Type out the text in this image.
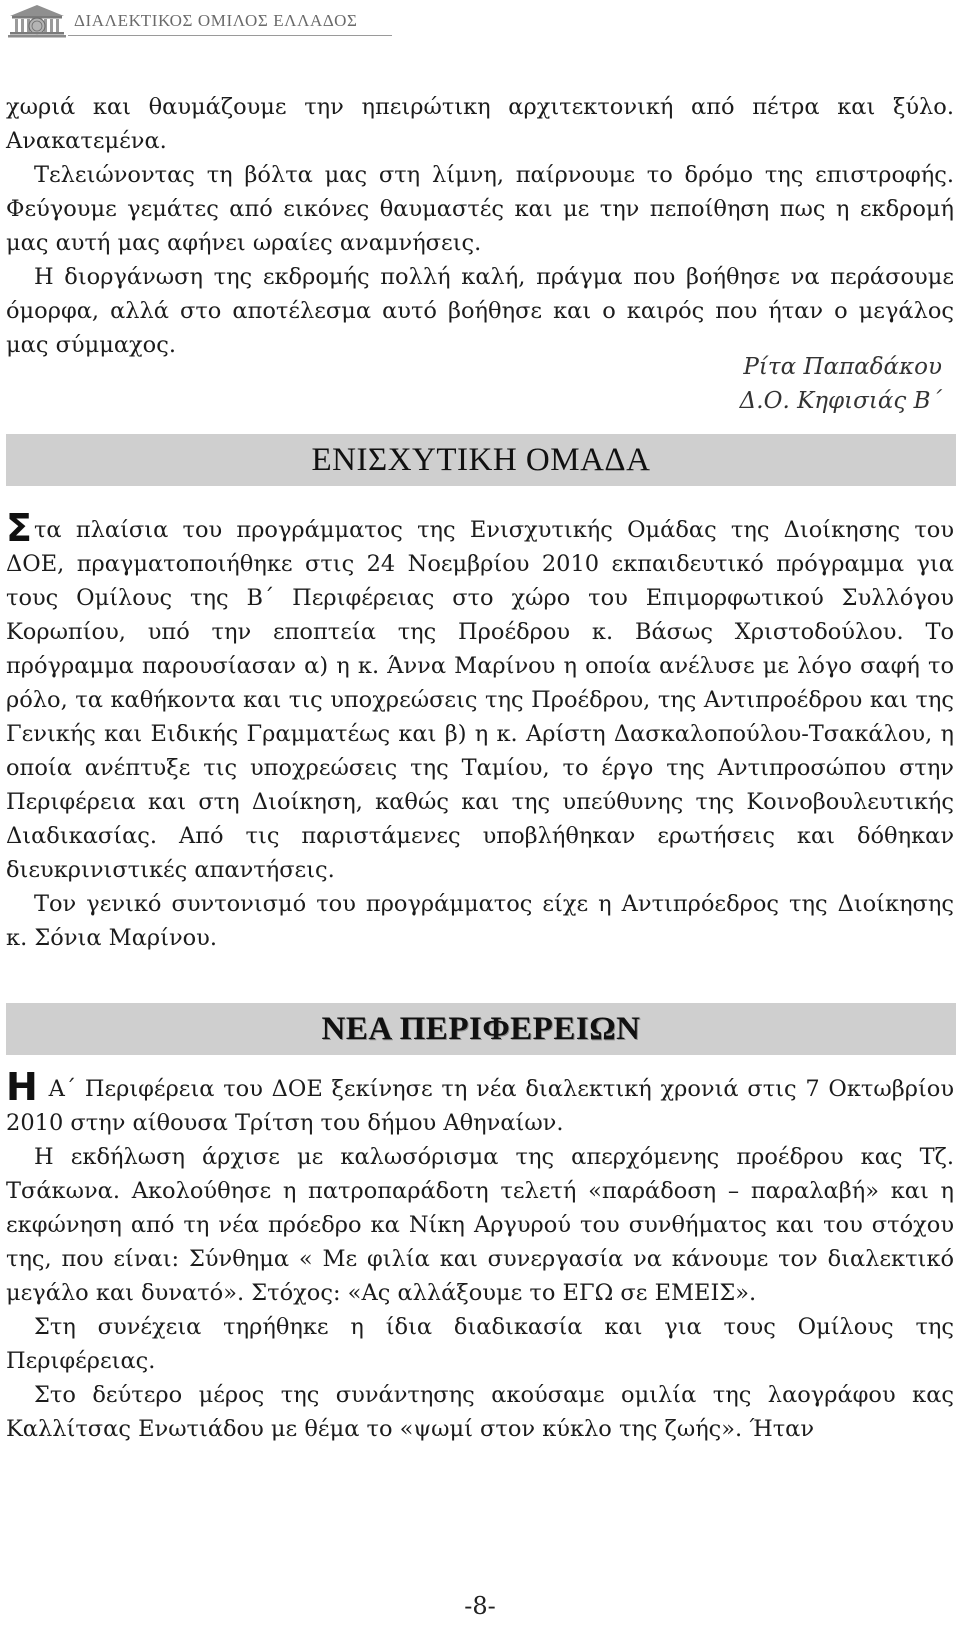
ΔΙΑΛΕΚΤΙΚΟΣ ΟΜΙΛΟΣ ΕΛΛΑΔΟΣ

χωριά και θαυμάζουμε την ηπειρώτικη αρχιτεκτονική από πέτρα και ξύλο. Ανακατεμένα.

Τελειώνοντας τη βόλτα μας στη λίμνη, παίρνουμε το δρόμο της επιστροφής. Φεύγουμε γεμάτες από εικόνες θαυμαστές και με την πεποίθηση πως η εκδρομή μας αυτή μας αφήνει ωραίες αναμνήσεις.

Η διοργάνωση της εκδρομής πολλή καλή, πράγμα που βοήθησε να περάσουμε όμορφα, αλλά στο αποτέλεσμα αυτό βοήθησε και ο καιρός που ήταν ο μεγάλος μας σύμμαχος.

Ρίτα Παπαδάκου
Δ.Ο. Κηφισιάς Β΄
ΕΝΙΣΧΥΤΙΚΗ ΟΜΑΔΑ

Στα πλαίσια του προγράμματος της Ενισχυτικής Ομάδας της Διοίκησης του ΔΟΕ, πραγματοποιήθηκε στις 24 Νοεμβρίου 2010 εκπαιδευτικό πρόγραμμα για τους Ομίλους της Β΄ Περιφέρειας στο χώρο του Επιμορφωτικού Συλλόγου Κορωπίου, υπό την εποπτεία της Προέδρου κ. Βάσως Χριστοδούλου. Το πρόγραμμα παρουσίασαν α) η κ. Άννα Μαρίνου η οποία ανέλυσε με λόγο σαφή το ρόλο, τα καθήκοντα και τις υποχρεώσεις της Προέδρου, της Αντιπροέδρου και της Γενικής και Ειδικής Γραμματέως και β) η κ. Αρίστη Δασκαλοπούλου-Τσακάλου, η οποία ανέπτυξε τις υποχρεώσεις της Ταμίου, το έργο της Αντιπροσώπου στην Περιφέρεια και στη Διοίκηση, καθώς και της υπεύθυνης της Κοινοβουλευτικής Διαδικασίας. Από τις παριστάμενες υποβλήθηκαν ερωτήσεις και δόθηκαν διευκρινιστικές απαντήσεις.

Τον γενικό συντονισμό του προγράμματος είχε η Αντιπρόεδρος της Διοίκησης κ. Σόνια Μαρίνου.

ΝΕΑ ΠΕΡΙΦΕΡΕΙΩΝ

Η Α΄ Περιφέρεια του ΔΟΕ ξεκίνησε τη νέα διαλεκτική χρονιά στις 7 Οκτωβρίου 2010 στην αίθουσα Τρίτση του δήμου Αθηναίων.

Η εκδήλωση άρχισε με καλωσόρισμα της απερχόμενης προέδρου κας Τζ. Τσάκωνα. Ακολούθησε η πατροπαράδοτη τελετή «παράδοση – παραλαβή» και η εκφώνηση από τη νέα πρόεδρο κα Νίκη Αργυρού του συνθήματος και του στόχου της, που είναι: Σύνθημα « Με φιλία και συνεργασία να κάνουμε τον διαλεκτικό μεγάλο και δυνατό». Στόχος: «Ας αλλάξουμε το ΕΓΩ σε ΕΜΕΙΣ».

Στη συνέχεια τηρήθηκε η ίδια διαδικασία και για τους Ομίλους της Περιφέρειας.

Στο δεύτερο μέρος της συνάντησης ακούσαμε ομιλία της λαογράφου κας Καλλίτσας Ενωτιάδου με θέμα το «ψωμί στον κύκλο της ζωής». Ήταν

-8-
